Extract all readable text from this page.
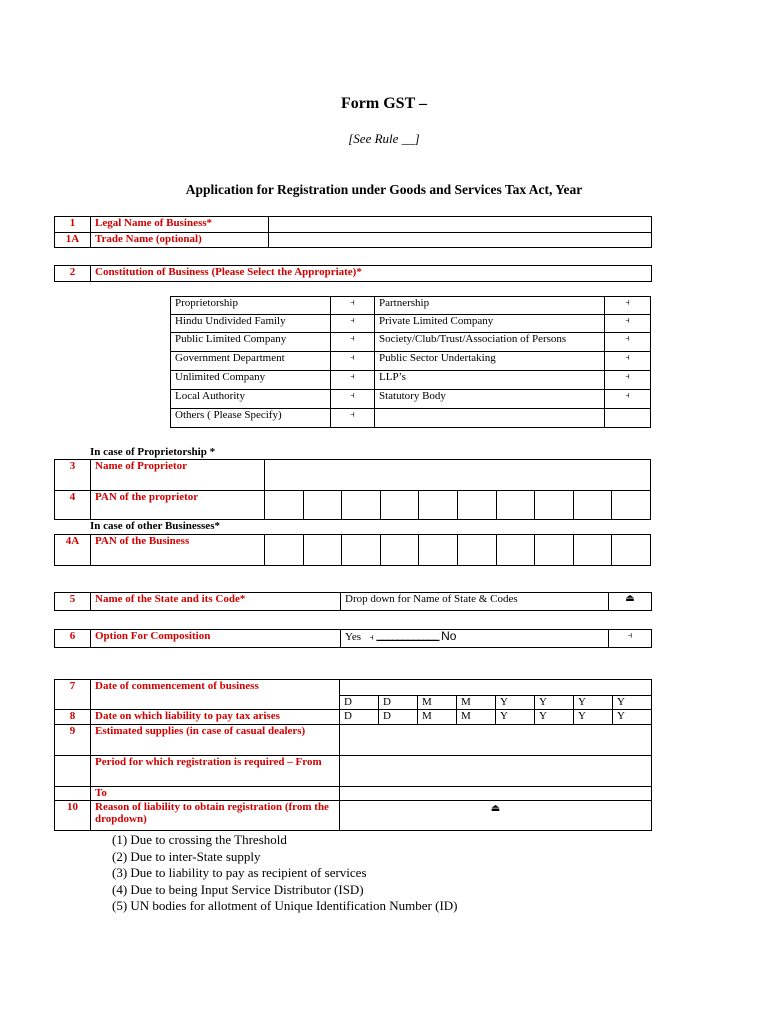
Form GST –
[See Rule __]
Application for Registration under Goods and Services Tax Act, Year
1	Legal Name of Business*	
1A	Trade Name (optional)	
2	Constitution of Business (Please Select the Appropriate)*
Proprietorship	⫞	Partnership	⫞
Hindu Undivided Family	⫞	Private Limited Company	⫞
Public Limited Company	⫞	Society/Club/Trust/Association of Persons	⫞
Government Department	⫞	Public Sector Undertaking	⫞
Unlimited Company	⫞	LLP’s	⫞
Local Authority	⫞	Statutory Body	⫞
Others ( Please Specify)	⫞		
In case of Proprietorship *
3	Name of Proprietor										
4	PAN of the proprietor										
In case of other Businesses*
4A	PAN of the Business										
5	Name of the State and its Code*	Drop down for Name of State & Codes	⏏
6	Option For Composition	Yes ⫞ ▁▁▁▁▁▁▁▁▁▁▁▁ No	⫞
7	Date of commencement of business								
		D	D	M	M	Y	Y	Y	Y
8	Date on which liability to pay tax arises	D	D	M	M	Y	Y	Y	Y
9	Estimated supplies (in case of casual dealers)								
	Period for which registration is required – From								
	To								
10	Reason of liability to obtain registration (from the dropdown)	⏏							
(1) Due to crossing the Threshold
(2) Due to inter-State supply
(3) Due to liability to pay as recipient of services
(4) Due to being Input Service Distributor (ISD)
(5) UN bodies for allotment of Unique Identification Number (ID)
